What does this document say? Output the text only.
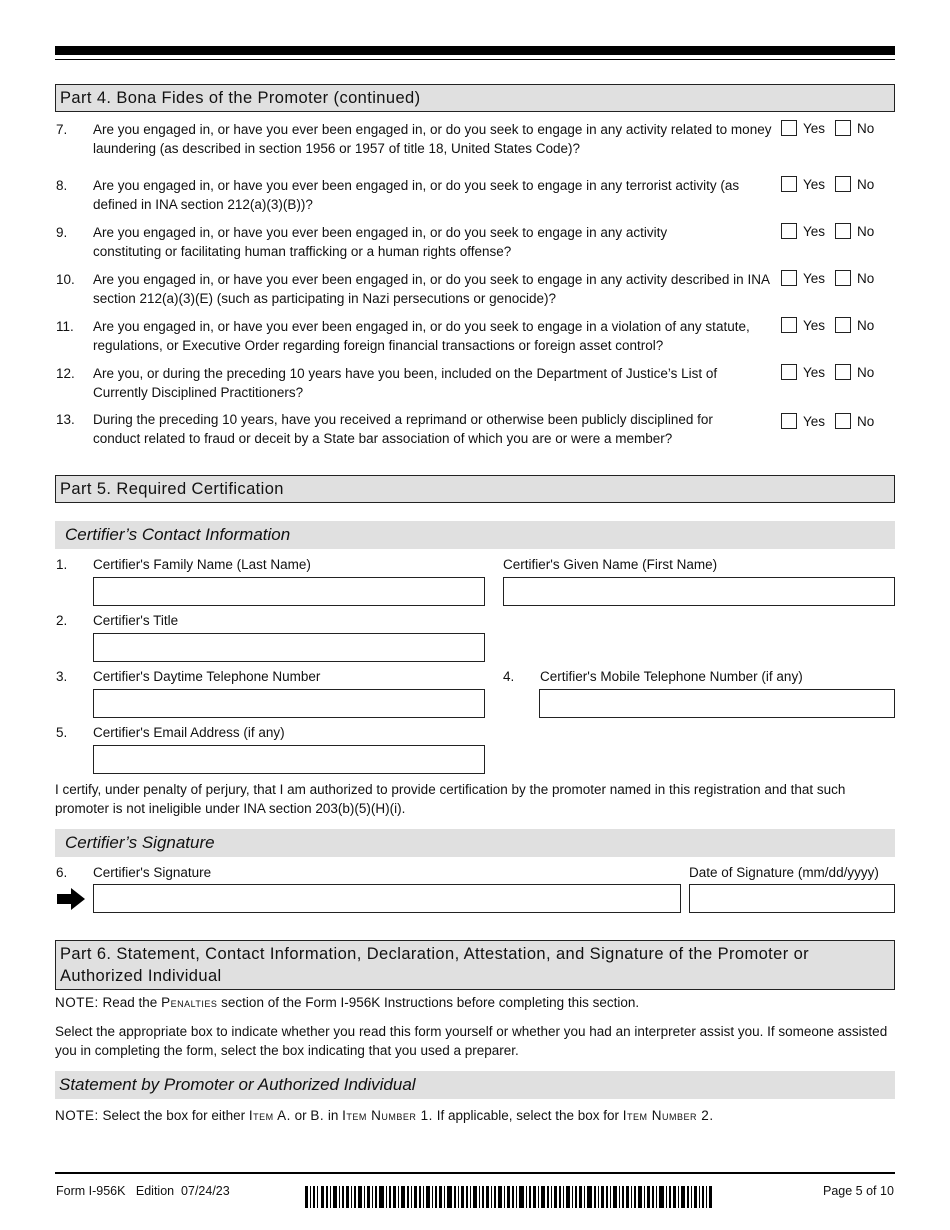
Part 4. Bona Fides of the Promoter (continued)
7.	Are you engaged in, or have you ever been engaged in, or do you seek to engage in any activity related to money laundering (as described in section 1956 or 1957 of title 18, United States Code)?
Yes No
8.	Are you engaged in, or have you ever been engaged in, or do you seek to engage in any terrorist activity (as defined in INA section 212(a)(3)(B))?
Yes No
9.	Are you engaged in, or have you ever been engaged in, or do you seek to engage in any activity constituting or facilitating human trafficking or a human rights offense?
Yes No
10.	Are you engaged in, or have you ever been engaged in, or do you seek to engage in any activity described in INA section 212(a)(3)(E) (such as participating in Nazi persecutions or genocide)?
Yes No
11.	Are you engaged in, or have you ever been engaged in, or do you seek to engage in a violation of any statute, regulations, or Executive Order regarding foreign financial transactions or foreign asset control?
Yes No
12.	Are you, or during the preceding 10 years have you been, included on the Department of Justice’s List of Currently Disciplined Practitioners?
Yes No
13.	During the preceding 10 years, have you received a reprimand or otherwise been publicly disciplined for conduct related to fraud or deceit by a State bar association of which you are or were a member?
Yes No
Part 5. Required Certification
Certifier’s Contact Information
1. Certifier's Family Name (Last Name)	Certifier's Given Name (First Name)
2. Certifier's Title
3. Certifier's Daytime Telephone Number	4. Certifier's Mobile Telephone Number (if any)
5. Certifier's Email Address (if any)
I certify, under penalty of perjury, that I am authorized to provide certification by the promoter named in this registration and that such promoter is not ineligible under INA section 203(b)(5)(H)(i).
Certifier’s Signature
6. Certifier's Signature	Date of Signature (mm/dd/yyyy)
Part 6. Statement, Contact Information, Declaration, Attestation, and Signature of the Promoter or Authorized Individual
NOTE: Read the Penalties section of the Form I-956K Instructions before completing this section.
Select the appropriate box to indicate whether you read this form yourself or whether you had an interpreter assist you. If someone assisted you in completing the form, select the box indicating that you used a preparer.
Statement by Promoter or Authorized Individual
NOTE: Select the box for either Item A. or B. in Item Number 1. If applicable, select the box for Item Number 2.
Form I-956K   Edition  07/24/23	Page 5 of 10
